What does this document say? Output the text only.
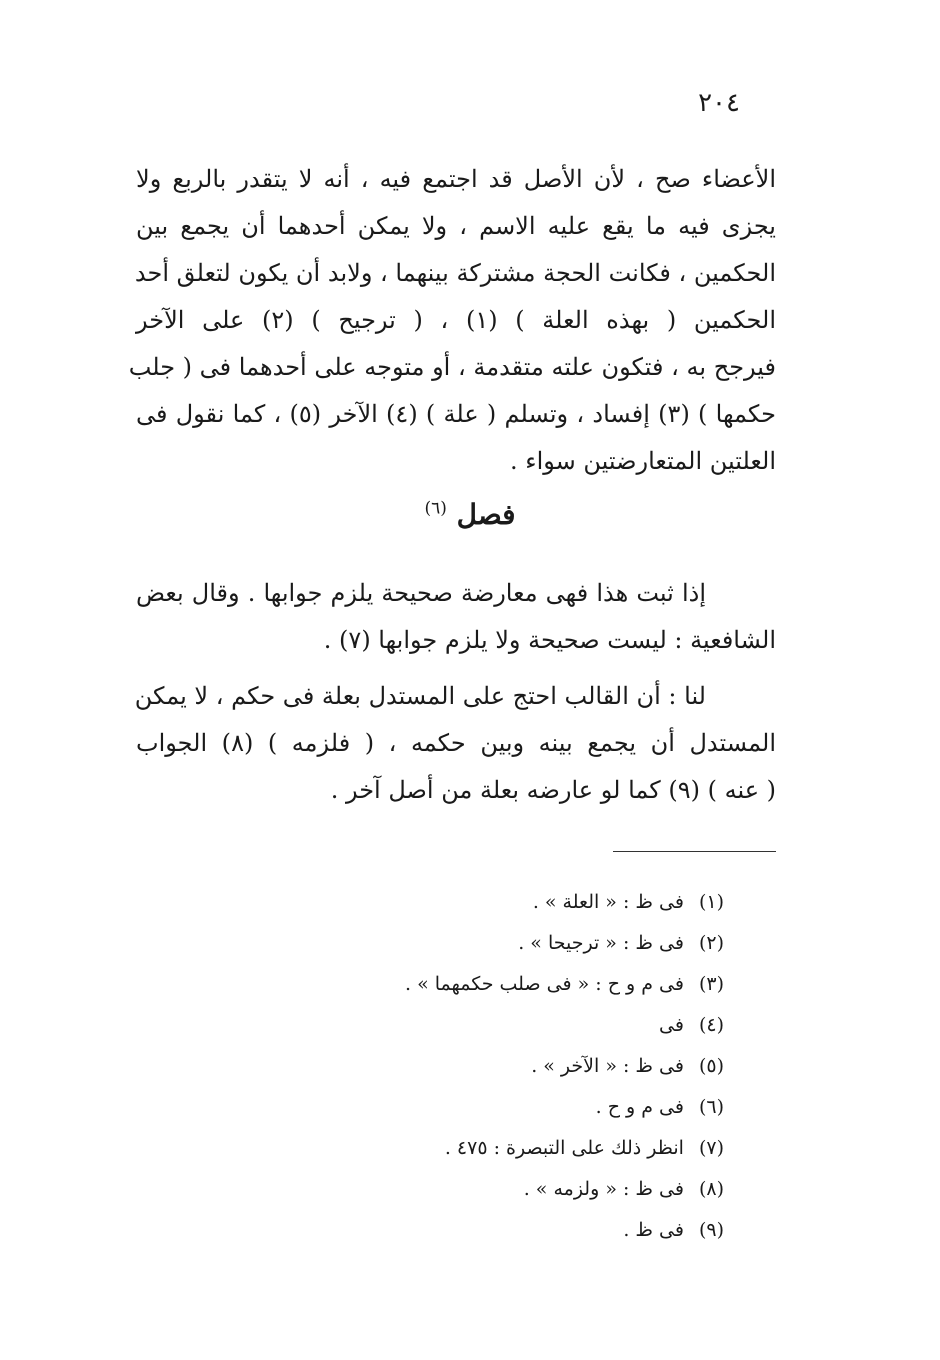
٢٠٤
الأعضاء صح ، لأن الأصل قد اجتمع فيه ، أنه لا يتقدر بالربع ولا
يجزى فيه ما يقع عليه الاسم ، ولا يمكن أحدهما أن يجمع بين
الحكمين ، فكانت الحجة مشتركة بينهما ، ولابد أن يكون لتعلق أحد
الحكمين ( بهذه العلة ) (١) ، ( ترجيح ) (٢) على الآخر
فيرجح به ، فتكون علته متقدمة ، أو متوجه على أحدهما فى ( جلب
حكمها ) (٣) إفساد ، وتسلم ( علة ) (٤) الآخر (٥) ، كما نقول فى
العلتين المتعارضتين سواء .
فصل $^{(٦)}$
إذا ثبت هذا فهى معارضة صحيحة يلزم جوابها . وقال بعض
الشافعية : ليست صحيحة ولا يلزم جوابها (٧) .
لنا : أن القالب احتج على المستدل بعلة فى حكم ، لا يمكن
المستدل أن يجمع بينه وبين حكمه ، ( فلزمه ) (٨) الجواب
( عنه ) (٩) كما لو عارضه بعلة من أصل آخر .
(١) فى ظ : « العلة » .
(٢) فى ظ : « ترجيحا » .
(٣) فى م و ح : « فى صلب حكمهما » .
(٤) فى
(٥) فى ظ : « الآخر » .
(٦) فى م و ح .
(٧) انظر ذلك على التبصرة : ٤٧٥ .
(٨) فى ظ : « ولزمه » .
(٩) فى ظ .
